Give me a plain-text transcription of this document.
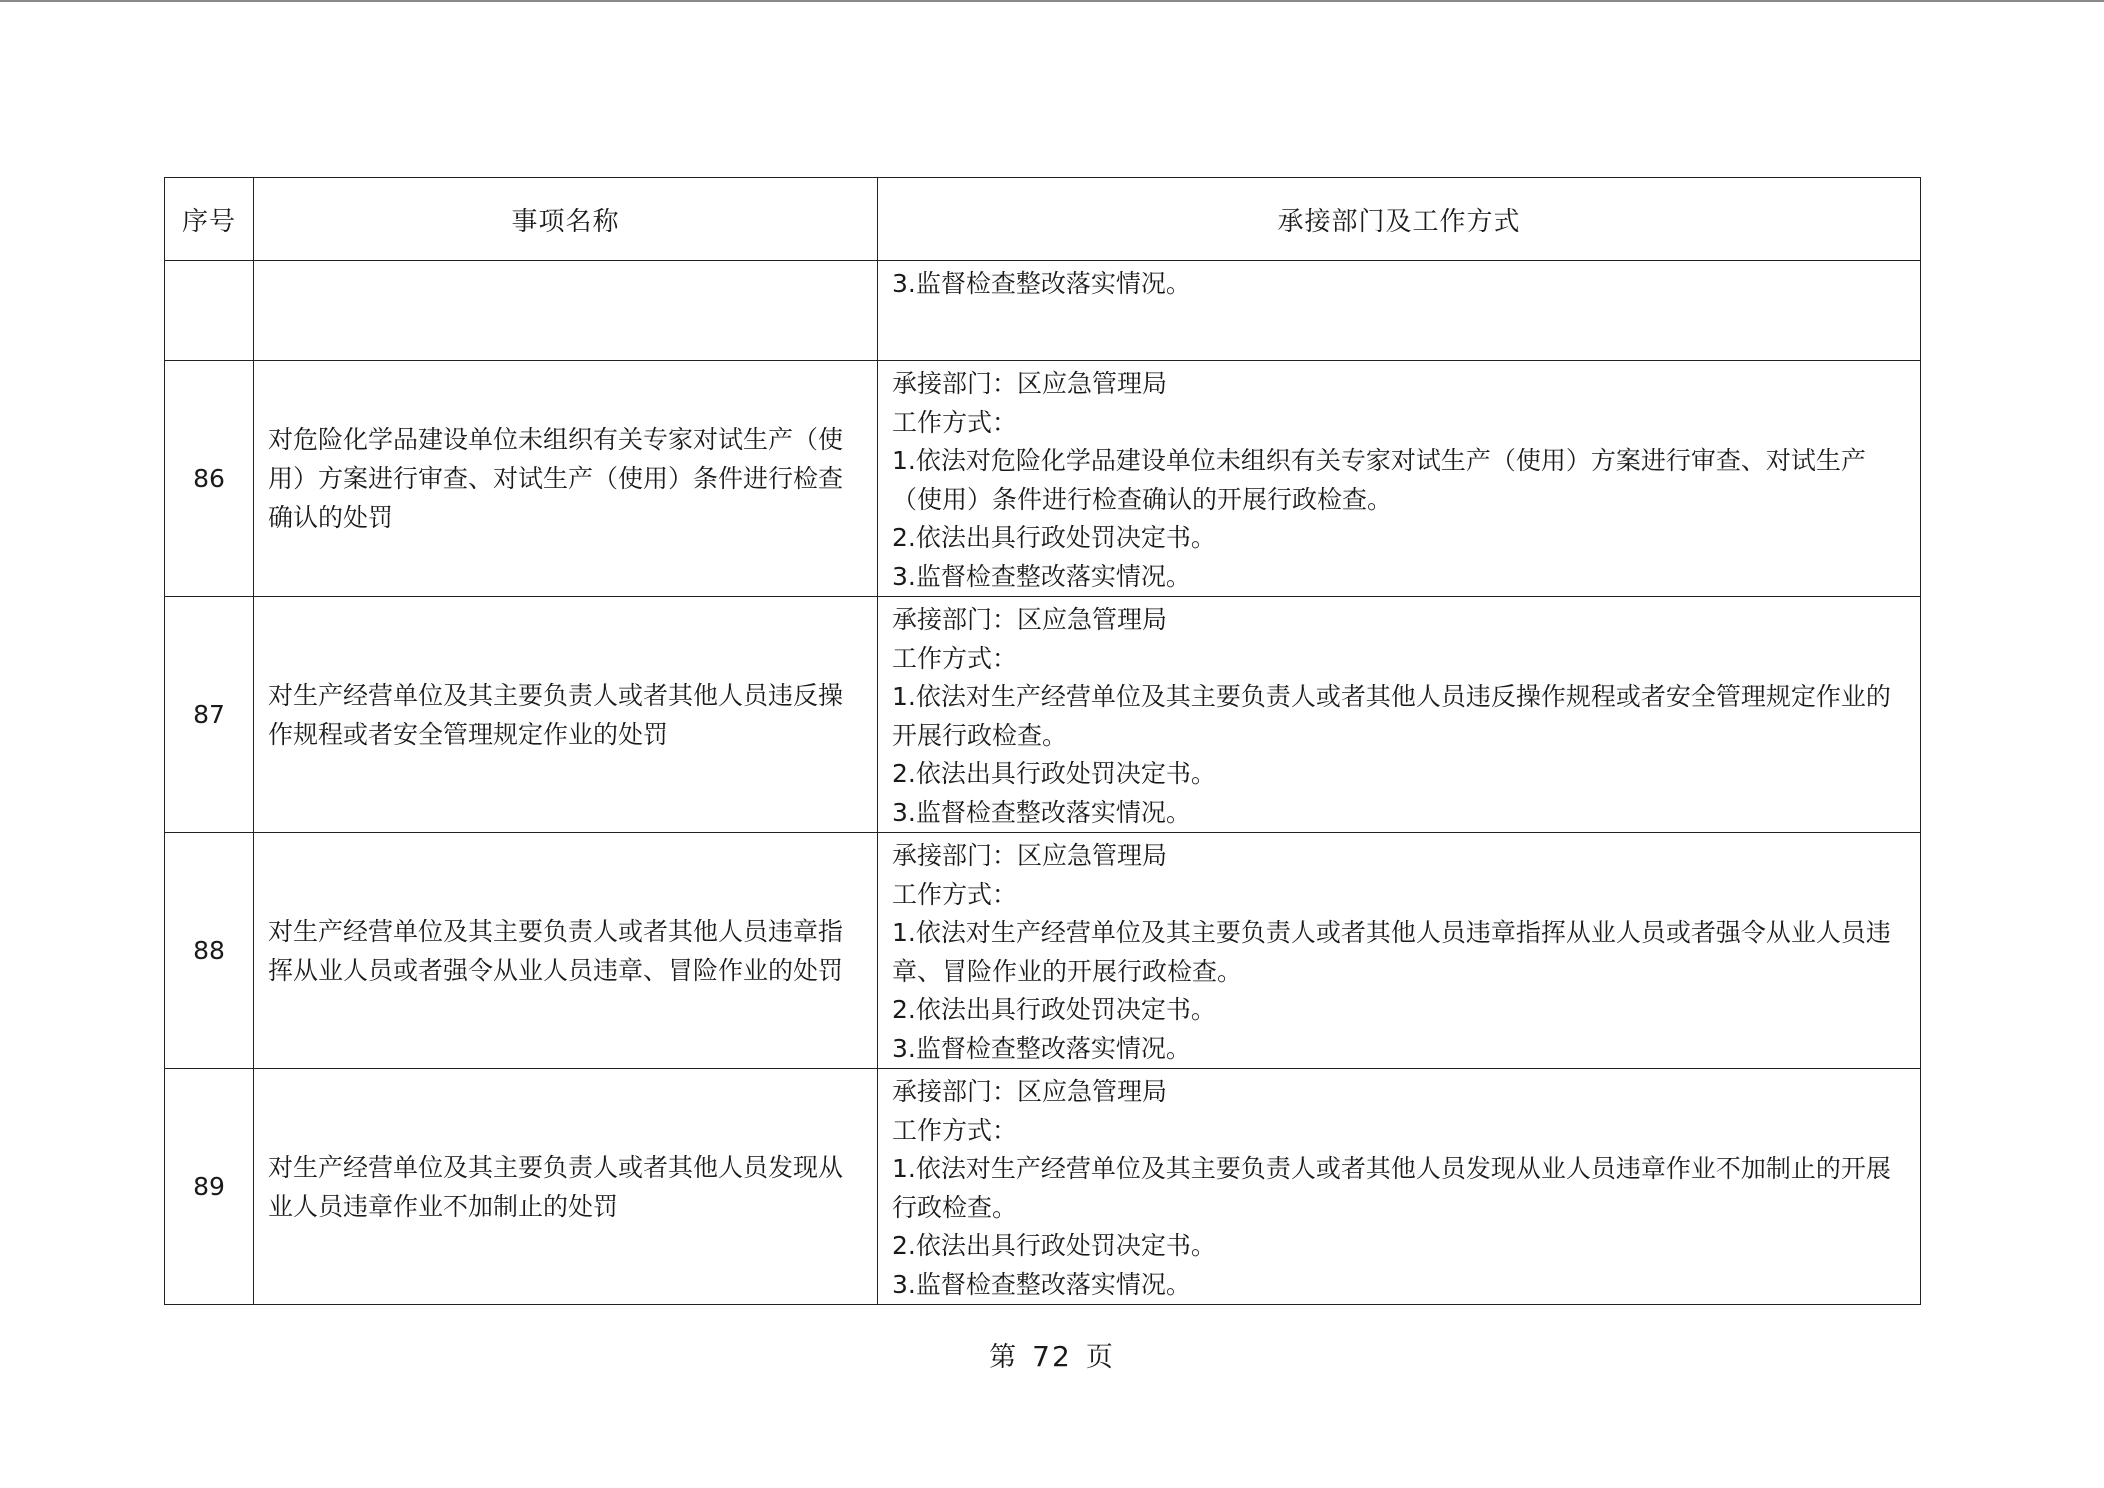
序号	事项名称	承接部门及工作方式

		3.监督检查整改落实情况。

86	对危险化学品建设单位未组织有关专家对试生产（使用）方案进行审查、对试生产（使用）条件进行检查确认的处罚	承接部门：区应急管理局
工作方式：
1.依法对危险化学品建设单位未组织有关专家对试生产（使用）方案进行审查、对试生产（使用）条件进行检查确认的开展行政检查。
2.依法出具行政处罚决定书。
3.监督检查整改落实情况。

87	对生产经营单位及其主要负责人或者其他人员违反操作规程或者安全管理规定作业的处罚	承接部门：区应急管理局
工作方式：
1.依法对生产经营单位及其主要负责人或者其他人员违反操作规程或者安全管理规定作业的开展行政检查。
2.依法出具行政处罚决定书。
3.监督检查整改落实情况。

88	对生产经营单位及其主要负责人或者其他人员违章指挥从业人员或者强令从业人员违章、冒险作业的处罚	承接部门：区应急管理局
工作方式：
1.依法对生产经营单位及其主要负责人或者其他人员违章指挥从业人员或者强令从业人员违章、冒险作业的开展行政检查。
2.依法出具行政处罚决定书。
3.监督检查整改落实情况。

89	对生产经营单位及其主要负责人或者其他人员发现从业人员违章作业不加制止的处罚	承接部门：区应急管理局
工作方式：
1.依法对生产经营单位及其主要负责人或者其他人员发现从业人员违章作业不加制止的开展行政检查。
2.依法出具行政处罚决定书。
3.监督检查整改落实情况。
第 72 页
